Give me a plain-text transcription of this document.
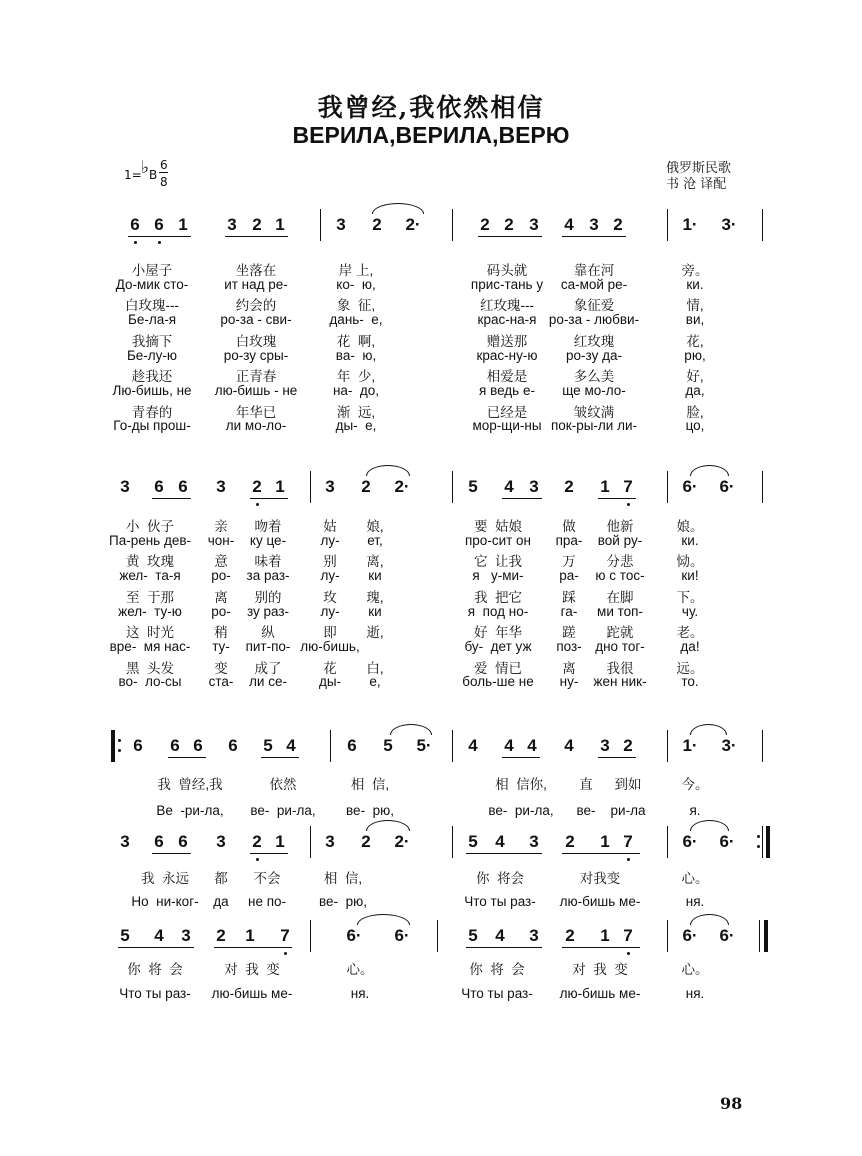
我曾经,我依然相信
ВЕРИЛА,ВЕРИЛА,ВЕРЮ
1= ♭ B
6
8
俄罗斯民歌
书 沧 译配
6 6 1 3 2 1	3 2 2·	2 2 3 4 3 2	1· 3·
小屋子	坐落在	岸 上,	码头就	靠在河	旁。
До-мик сто-	ит над ре-	ко-  ю,	прис-тань у са-мой ре-	ки.
白玫瑰---	约会的	象  征,	红玫瑰---	象征爱	情,
Бе-ла-я	ро-за - сви-	дань-  е,	крас-на-я ро-за - любви-	ви,
我摘下	白玫瑰	花  啊,	赠送那	红玫瑰	花,
Бе-лу-ю	ро-зу сры-	ва-  ю,	крас-ну-ю ро-зу да-	рю,
趁我还	正青春	年  少,	相爱是	多么美	好,
Лю-бишь, не лю-бишь - не	на-  до,	я ведь е- ще мо-ло-	да,
青春的	年华已	渐  远,	已经是	皱纹满	脸,
Го-ды прош-	ли мо-ло-	ды-  е,	мор-щи-ны пок-ры-ли ли-	цо,
3 6 6 3 2 1 3 2 2·	5 4 3 2 1 7	6· 6·
小  伙子	亲 吻着	姑 娘,	要  姑娘	做 他新	娘。
Па-рень дев- чон- ку це-	лу- ет,	про-сит он пра- вой ру-	ки.
黄  玫瑰	意 味着	别 离,	它  让我	万 分悲	恸。
жел-  та-я ро- за раз- лу- ки	я   у-ми-	ра- ю с тос-	ки!
至  于那	离 别的	玫 瑰,	我  把它	踩 在脚	下。
жел-  ту-ю ро- зу раз- лу- ки	я  под но- га- ми топ-	чу.
这  时光	稍 纵	即 逝,	好  年华	蹉 跎就	老。
вре-  мя нас- ту- пит-по- лю-бишь,	бу-  дет уж поз- дно тог-	да!
黑  头发	变 成了	花 白,	爱  情已	离 我很	远。
во-  ло-сы ста- ли се- ды- е,	боль-ше не ну- жен ник-	то.
6 6 6 6 5 4	6 5 5· 4 4 4 4 3 2	1· 3·
我  曾经,我	依然	相  信,	相  信你, 直 到如	今。
Ве  -ри-ла, ве-  ри-ла, ве-  рю,	ве-  ри-ла, ве- ри-ла	я.
3 6 6 3 2 1 3 2 2·	5 4 3 2 1 7	6· 6·
我  永远 都 不会	相  信,	你  将会	对我变	心。
Но  ни-ког- да не по- ве-  рю,	Что ты раз- лю-бишь ме-	ня.
5 4 3 2 1 7	6· 6·	5 4 3 2 1 7	6· 6·
你  将  会	对  我  变	心。	你  将  会	对  我  变	心。
Что ты раз- лю-бишь ме-	ня.	Что ты раз- лю-бишь ме-	ня.
98
